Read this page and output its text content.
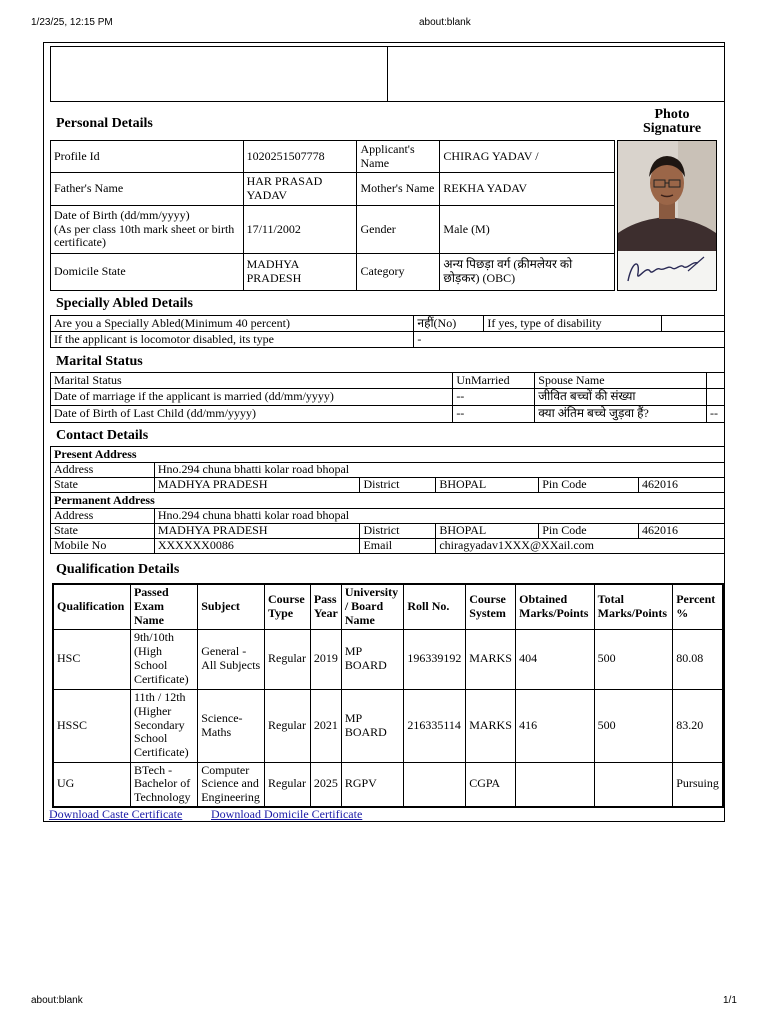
1/23/25, 12:15 PM	about:blank
about:blank	1/1
Personal Details
Photo
Signature
Profile Id	1020251507778	Applicant's Name	CHIRAG YADAV /
Father's Name	HAR PRASAD YADAV	Mother's Name	REKHA YADAV

Date of Birth (dd/mm/yyyy)
(As per class 10th mark sheet or birth certificate)	17/11/2002	Gender	Male (M)
Domicile State	MADHYA PRADESH	Category	अन्य पिछड़ा वर्ग (क्रीमलेयर को छोड़कर) (OBC)
Specially Abled Details
Are you a Specially Abled(Minimum 40 percent)	नहीं(No)	If yes, type of disability	
If the applicant is locomotor disabled, its type	-		
Marital Status
Marital Status	UnMarried	Spouse Name	
Date of marriage if the applicant is married (dd/mm/yyyy)	--	जीवित बच्चों की संख्या	
Date of Birth of Last Child (dd/mm/yyyy)	--	क्या अंतिम बच्चे जुड़वा हैं?	--
Contact Details
Present Address					
Address	Hno.294 chuna bhatti kolar road bhopal				
State	MADHYA PRADESH	District	BHOPAL	Pin Code	462016
Permanent Address					
Address	Hno.294 chuna bhatti kolar road bhopal				
State	MADHYA PRADESH	District	BHOPAL	Pin Code	462016
Mobile No	XXXXXX0086	Email	chiragyadav1XXX@XXail.com		
Qualification Details
Qualification	Passed Exam Name	Subject	Course Type	Pass Year	University / Board Name	Roll No.	Course System	Obtained Marks/Points	Total Marks/Points	Percent %
HSC	9th/10th (High School Certificate)	General - All Subjects	Regular	2019	MP BOARD	196339192	MARKS	404	500	80.08
HSSC	11th / 12th (Higher Secondary School Certificate)	Science-Maths	Regular	2021	MP BOARD	216335114	MARKS	416	500	83.20
UG	BTech - Bachelor of Technology	Computer Science and Engineering	Regular	2025	RGPV		CGPA			Pursuing
Download Caste Certificate Download Domicile Certificate
